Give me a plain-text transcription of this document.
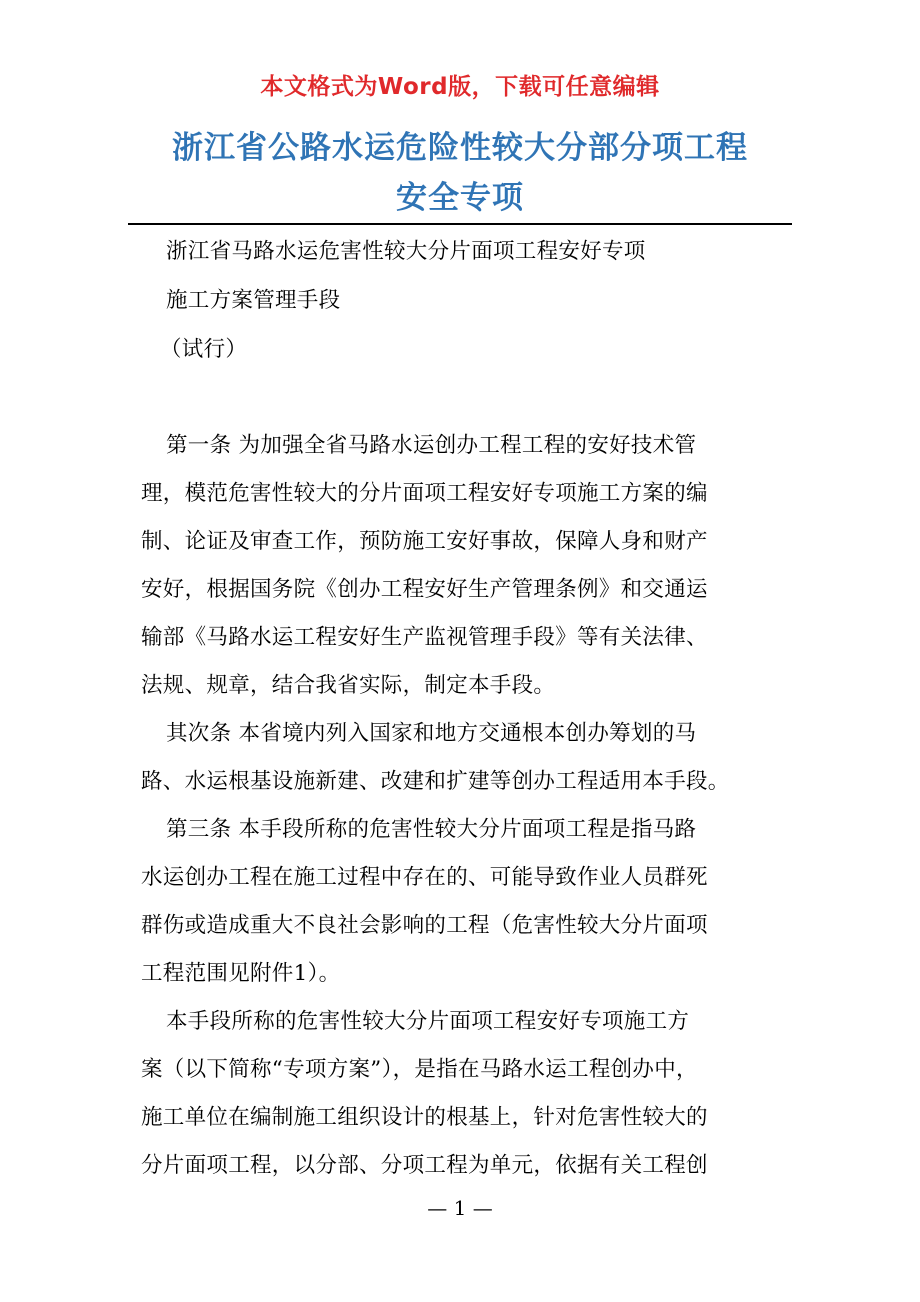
本文格式为Word版，下载可任意编辑
浙江省公路水运危险性较大分部分项工程
安全专项
浙江省马路水运危害性较大分片面项工程安好专项
施工方案管理手段
（试行）
第一条 为加强全省马路水运创办工程工程的安好技术管
理，模范危害性较大的分片面项工程安好专项施工方案的编
制、论证及审查工作，预防施工安好事故，保障人身和财产
安好，根据国务院《创办工程安好生产管理条例》和交通运
输部《马路水运工程安好生产监视管理手段》等有关法律、
法规、规章，结合我省实际，制定本手段。
其次条 本省境内列入国家和地方交通根本创办筹划的马
路、水运根基设施新建、改建和扩建等创办工程适用本手段。
第三条 本手段所称的危害性较大分片面项工程是指马路
水运创办工程在施工过程中存在的、可能导致作业人员群死
群伤或造成重大不良社会影响的工程（危害性较大分片面项
工程范围见附件1）。
本手段所称的危害性较大分片面项工程安好专项施工方
案（以下简称“专项方案”），是指在马路水运工程创办中，
施工单位在编制施工组织设计的根基上，针对危害性较大的
分片面项工程，以分部、分项工程为单元，依据有关工程创
— 1 —
